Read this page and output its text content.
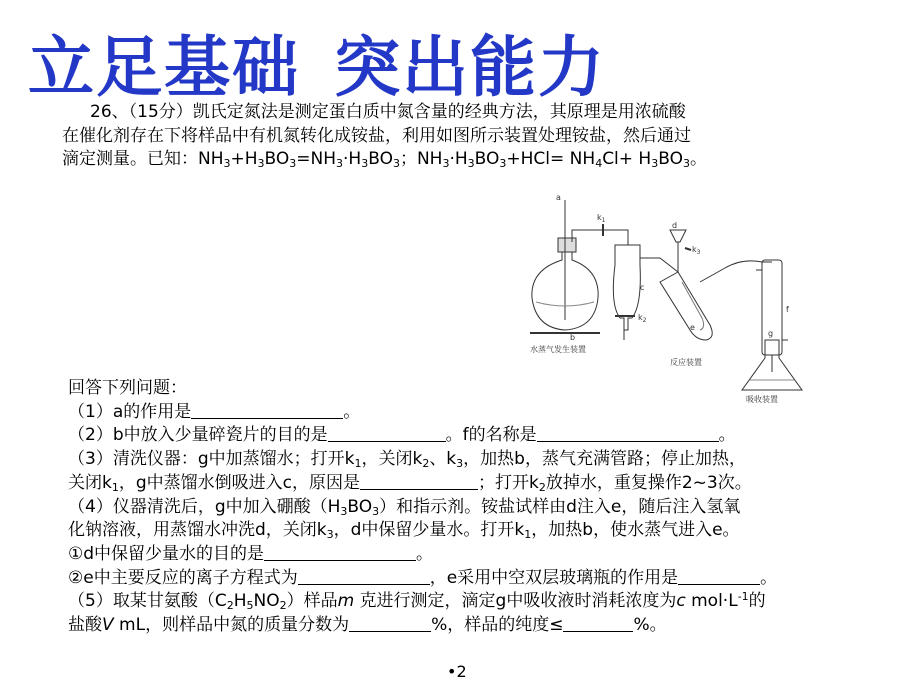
立足基础 突出能力
26、（15分）凯氏定氮法是测定蛋白质中氮含量的经典方法，其原理是用浓硫酸
在催化剂存在下将样品中有机氮转化成铵盐，利用如图所示装置处理铵盐，然后通过
滴定测量。已知：$NH_3+H_3BO_3=NH_3\cdot H_3BO_3$；$NH_3\cdot H_3BO_3+HCl= NH_4Cl+ H_3BO_3$。
a
b
c
d
e
f
g
$k_1$
$k_2$
$k_3$
水蒸气发生装置
反应装置
吸收装置
回答下列问题：
（1）a的作用是	。
（2）b中放入少量碎瓷片的目的是	。f的名称是	。
（3）清洗仪器：g中加蒸馏水；打开$k_1$，关闭$k_2$、$k_3$，加热b，蒸气充满管路；停止加热，
关闭$k_1$，g中蒸馏水倒吸进入c，原因是	；打开$k_2$放掉水，重复操作2~3次。
（4）仪器清洗后，g中加入硼酸$(H_3BO_3)$和指示剂。铵盐试样由d注入e，随后注入氢氧
化钠溶液，用蒸馏水冲洗d，关闭$k_3$，d中保留少量水。打开$k_1$，加热b，使水蒸气进入e。
①d中保留少量水的目的是	。
②e中主要反应的离子方程式为	，e采用中空双层玻璃瓶的作用是	。
（5）取某甘氨酸$(C_2H_5NO_2)$样品m 克进行测定，滴定g中吸收液时消耗浓度为c $mol\cdot L^{-1}$的
盐酸V mL，则样品中氮的质量分数为	%，样品的纯度≤	%。
•2
